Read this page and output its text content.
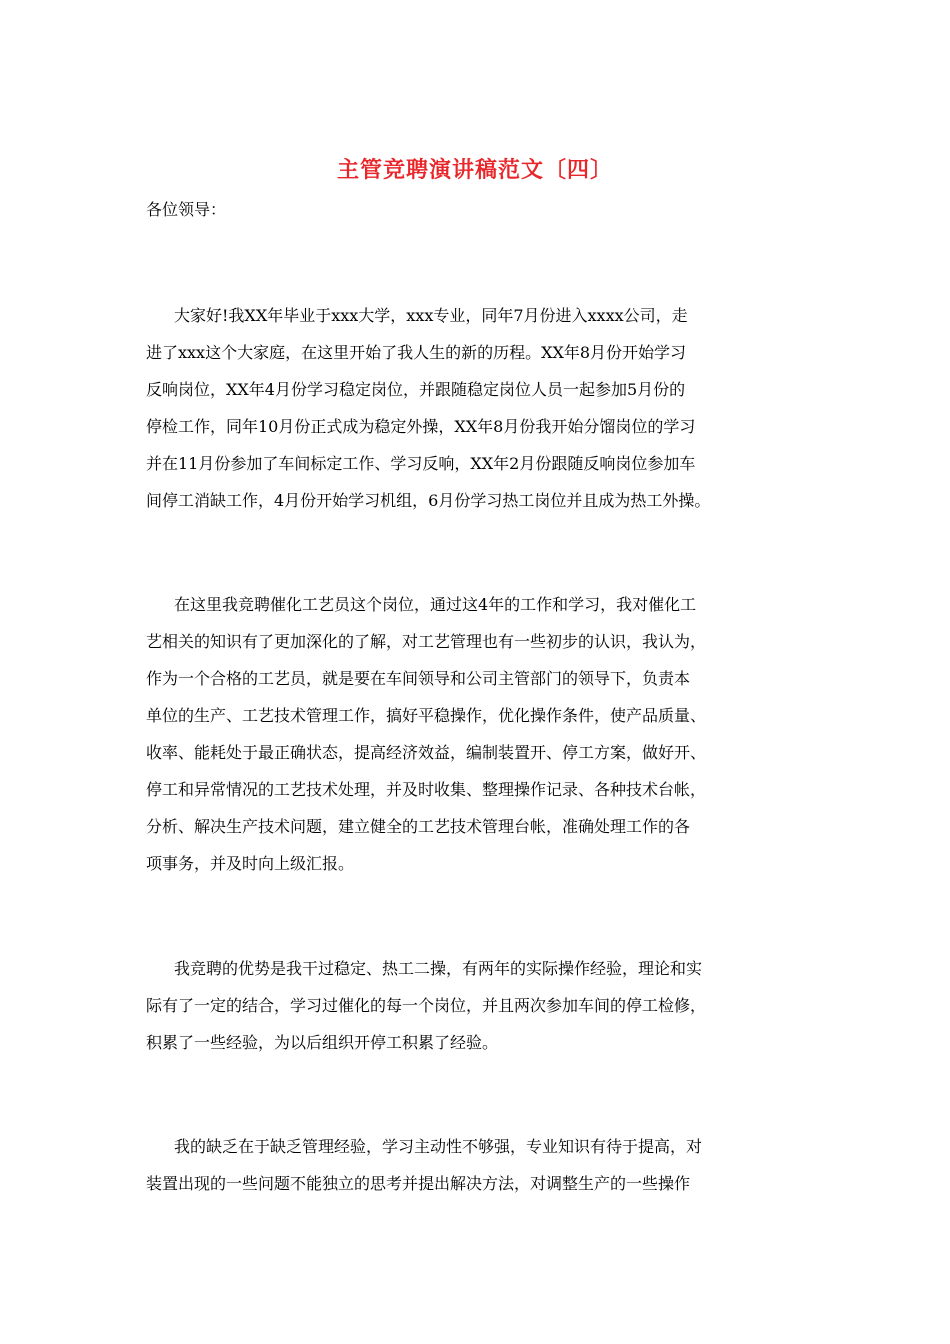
主管竞聘演讲稿范文〔四〕
各位领导：
大家好!我XX年毕业于xxx大学，xxx专业，同年7月份进入xxxx公司，走
进了xxx这个大家庭，在这里开始了我人生的新的历程。XX年8月份开始学习
反响岗位，XX年4月份学习稳定岗位，并跟随稳定岗位人员一起参加5月份的
停检工作，同年10月份正式成为稳定外操，XX年8月份我开始分馏岗位的学习
并在11月份参加了车间标定工作、学习反响，XX年2月份跟随反响岗位参加车
间停工消缺工作，4月份开始学习机组，6月份学习热工岗位并且成为热工外操。
在这里我竞聘催化工艺员这个岗位，通过这4年的工作和学习，我对催化工
艺相关的知识有了更加深化的了解，对工艺管理也有一些初步的认识，我认为，
作为一个合格的工艺员，就是要在车间领导和公司主管部门的领导下，负责本
单位的生产、工艺技术管理工作，搞好平稳操作，优化操作条件，使产品质量、
收率、能耗处于最正确状态，提高经济效益，编制装置开、停工方案，做好开、
停工和异常情况的工艺技术处理，并及时收集、整理操作记录、各种技术台帐，
分析、解决生产技术问题，建立健全的工艺技术管理台帐，准确处理工作的各
项事务，并及时向上级汇报。
我竞聘的优势是我干过稳定、热工二操，有两年的实际操作经验，理论和实
际有了一定的结合，学习过催化的每一个岗位，并且两次参加车间的停工检修，
积累了一些经验，为以后组织开停工积累了经验。
我的缺乏在于缺乏管理经验，学习主动性不够强，专业知识有待于提高，对
装置出现的一些问题不能独立的思考并提出解决方法，对调整生产的一些操作
